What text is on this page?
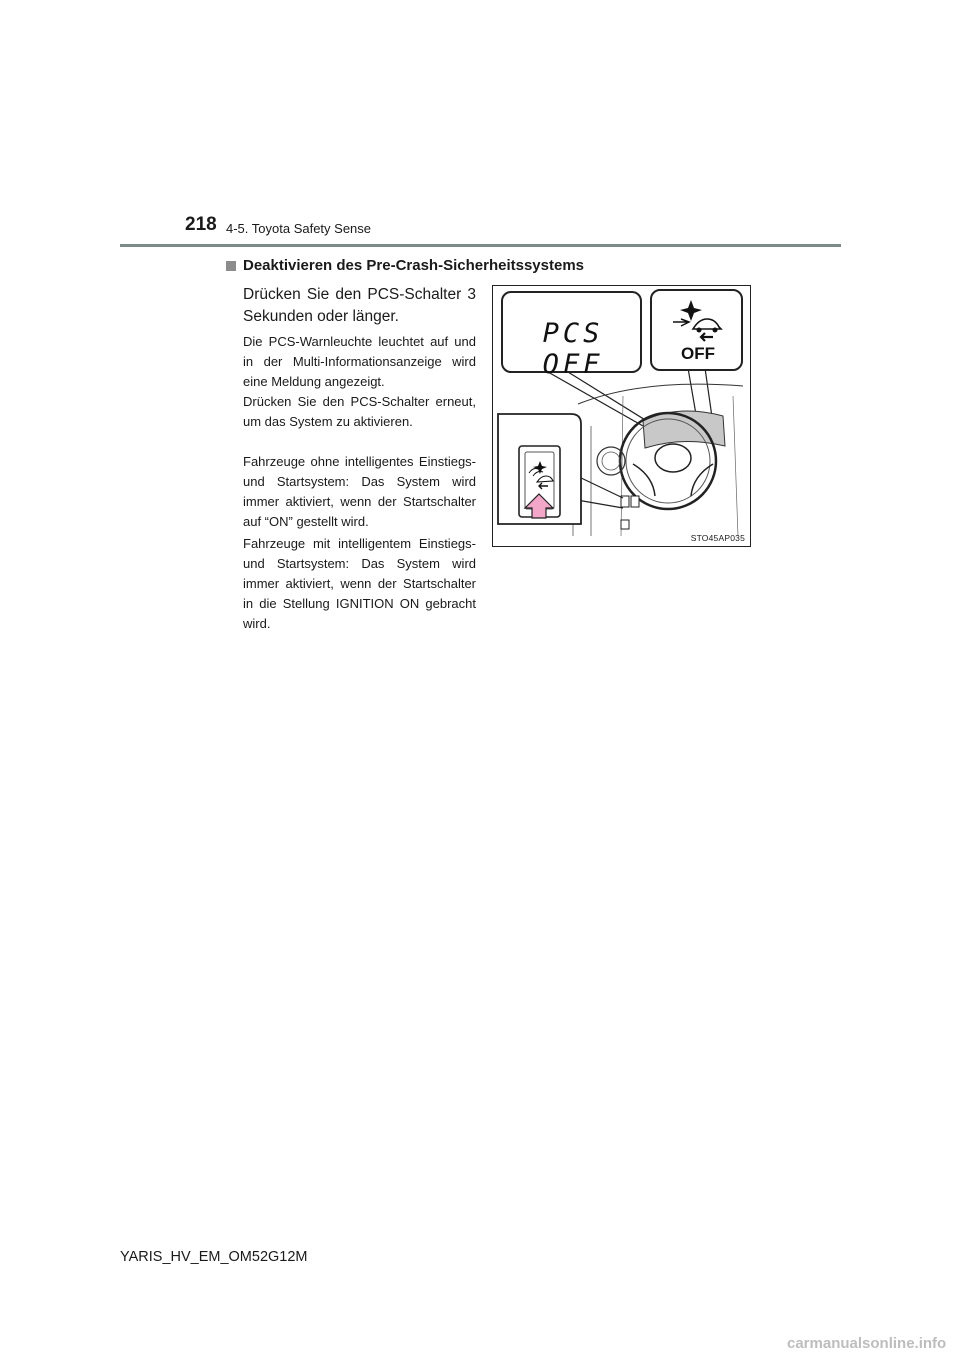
218 4-5. Toyota Safety Sense
Deaktivieren des Pre-Crash-Sicherheitssystems
Drücken Sie den PCS-Schalter 3 Sekunden oder länger.
Die PCS-Warnleuchte leuchtet auf und in der Multi-Informationsanzeige wird eine Meldung angezeigt.
Drücken Sie den PCS-Schalter erneut, um das System zu aktivieren.
Fahrzeuge ohne intelligentes Einstiegs- und Startsystem: Das System wird immer aktiviert, wenn der Startschalter auf “ON” gestellt wird.
Fahrzeuge mit intelligentem Einstiegs- und Startsystem: Das System wird immer aktiviert, wenn der Startschalter in die Stellung IGNITION ON gebracht wird.
PCS OFF	OFF
STO45AP035
YARIS_HV_EM_OM52G12M
carmanualsonline.info
